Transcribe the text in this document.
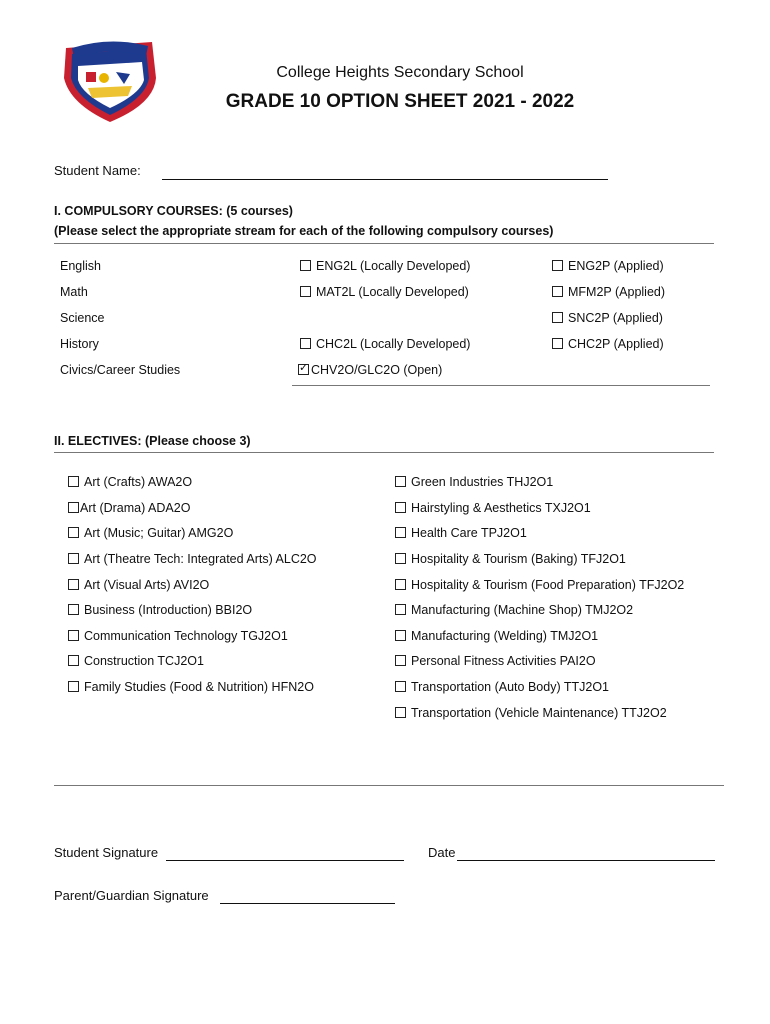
College Heights Secondary School
GRADE 10 OPTION SHEET 2021 - 2022
Student Name:
I. COMPULSORY COURSES: (5 courses)
(Please select the appropriate stream for each of the following compulsory courses)
English	ENG2L (Locally Developed)	ENG2P (Applied)
Math	MAT2L (Locally Developed)	MFM2P (Applied)
Science	SNC2P (Applied)
History	CHC2L (Locally Developed)	CHC2P (Applied)
Civics/Career Studies
✓	CHV2O/GLC2O (Open)
II. ELECTIVES: (Please choose 3)
Art (Crafts) AWA2O
Art (Drama) ADA2O
Art (Music; Guitar) AMG2O
Art (Theatre Tech: Integrated Arts) ALC2O
Art (Visual Arts) AVI2O
Business (Introduction) BBI2O
Communication Technology TGJ2O1
Construction TCJ2O1
Family Studies (Food & Nutrition) HFN2O
Green Industries THJ2O1
Hairstyling & Aesthetics TXJ2O1
Health Care TPJ2O1
Hospitality & Tourism (Baking) TFJ2O1
Hospitality & Tourism (Food Preparation) TFJ2O2
Manufacturing (Machine Shop) TMJ2O2
Manufacturing (Welding) TMJ2O1
Personal Fitness Activities PAI2O
Transportation (Auto Body) TTJ2O1
Transportation (Vehicle Maintenance) TTJ2O2
Student Signature	Date
Parent/Guardian Signature
